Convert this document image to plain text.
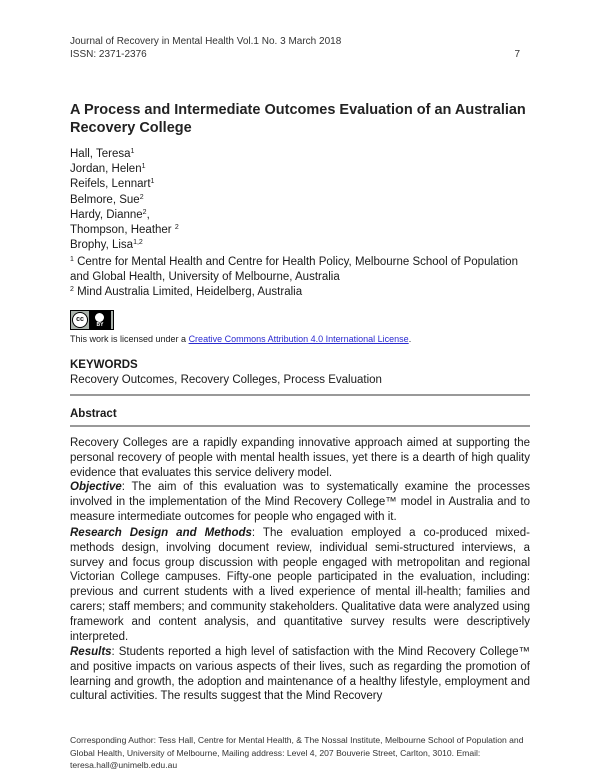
Journal of Recovery in Mental Health Vol.1 No. 3 March 2018
ISSN: 2371-2376	7
A Process and Intermediate Outcomes Evaluation of an Australian Recovery College
Hall, Teresa$^1$
Jordan, Helen$^1$
Reifels, Lennart$^1$
Belmore, Sue$^2$
Hardy, Dianne$^2$,
Thompson, Heather $^2$
Brophy, Lisa$^{1,2}$
$^1$ Centre for Mental Health and Centre for Health Policy, Melbourne School of Population and Global Health, University of Melbourne, Australia
$^2$ Mind Australia Limited, Heidelberg, Australia
cc
BY
This work is licensed under a Creative Commons Attribution 4.0 International License.
KEYWORDS
Recovery Outcomes, Recovery Colleges, Process Evaluation
Abstract

Recovery Colleges are a rapidly expanding innovative approach aimed at supporting the personal recovery of people with mental health issues, yet there is a dearth of high quality evidence that evaluates this service delivery model.

Objective: The aim of this evaluation was to systematically examine the processes involved in the implementation of the Mind Recovery College™ model in Australia and to measure intermediate outcomes for people who engaged with it.

Research Design and Methods: The evaluation employed a co-produced mixed-methods design, involving document review, individual semi-structured interviews, a survey and focus group discussion with people engaged with metropolitan and regional Victorian College campuses. Fifty-one people participated in the evaluation, including: previous and current students with a lived experience of mental ill-health; families and carers; staff members; and community stakeholders. Qualitative data were analyzed using framework and content analysis, and quantitative survey results were descriptively interpreted.

Results: Students reported a high level of satisfaction with the Mind Recovery College™ and positive impacts on various aspects of their lives, such as regarding the promotion of learning and growth, the adoption and maintenance of a healthy lifestyle, employment and cultural activities. The results suggest that the Mind Recovery

Corresponding Author: Tess Hall, Centre for Mental Health, & The Nossal Institute, Melbourne School of Population and Global Health, University of Melbourne, Mailing address: Level 4, 207 Bouverie Street, Carlton, 3010. Email: teresa.hall@unimelb.edu.au
